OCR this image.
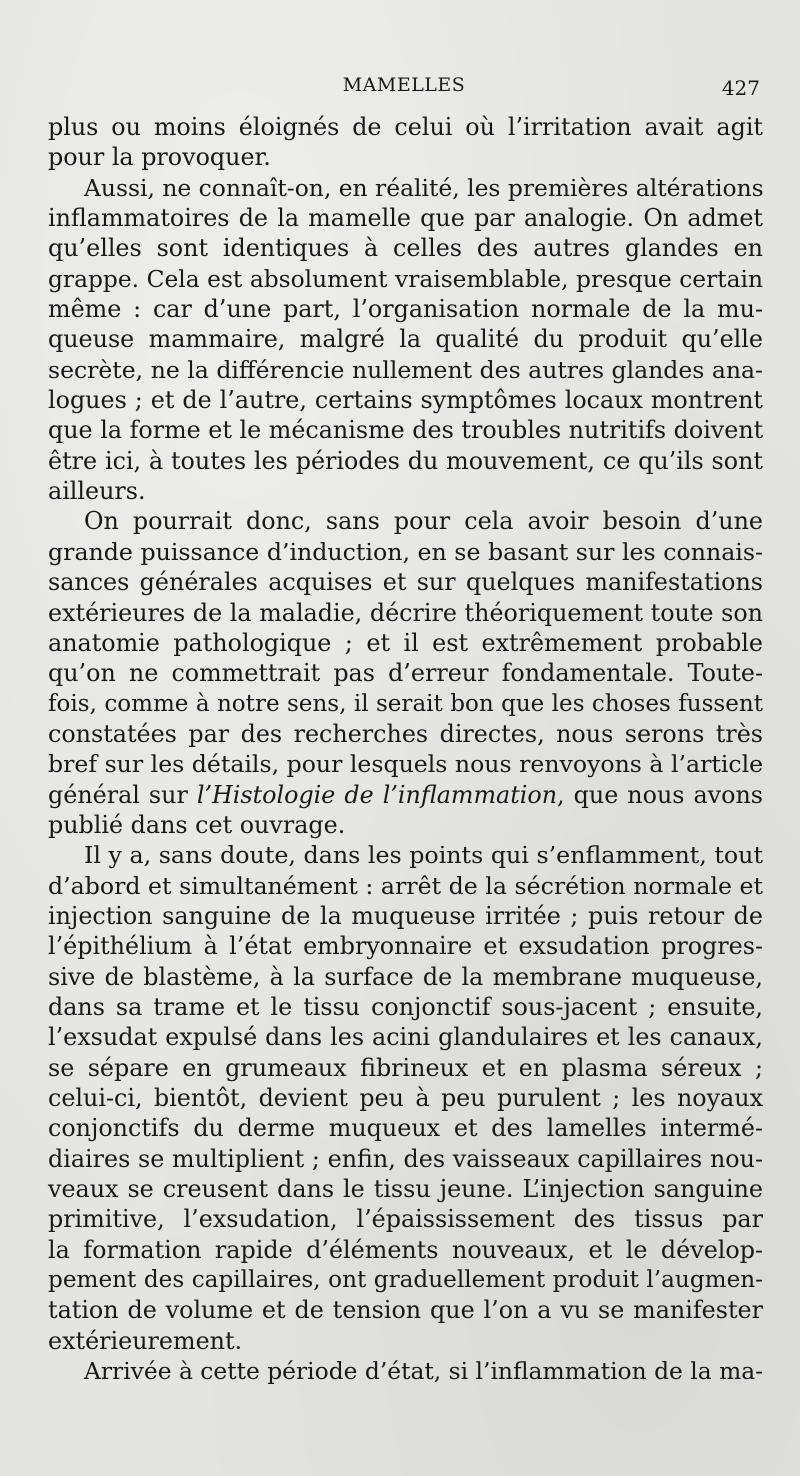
MAMELLES	427

plus ou moins éloignés de celui où l’irritation avait agit
pour la provoquer.

Aussi, ne connaît-on, en réalité, les premières altérations
inflammatoires de la mamelle que par analogie. On admet
qu’elles sont identiques à celles des autres glandes en
grappe. Cela est absolument vraisemblable, presque certain
même : car d’une part, l’organisation normale de la mu-
queuse mammaire, malgré la qualité du produit qu’elle
secrète, ne la différencie nullement des autres glandes ana-
logues ; et de l’autre, certains symptômes locaux montrent
que la forme et le mécanisme des troubles nutritifs doivent
être ici, à toutes les périodes du mouvement, ce qu’ils sont
ailleurs.

On pourrait donc, sans pour cela avoir besoin d’une
grande puissance d’induction, en se basant sur les connais-
sances générales acquises et sur quelques manifestations
extérieures de la maladie, décrire théoriquement toute son
anatomie pathologique ; et il est extrêmement probable
qu’on ne commettrait pas d’erreur fondamentale. Toute-
fois, comme à notre sens, il serait bon que les choses fussent
constatées par des recherches directes, nous serons très
bref sur les détails, pour lesquels nous renvoyons à l’article
général sur l’Histologie de l’inflammation, que nous avons
publié dans cet ouvrage.

Il y a, sans doute, dans les points qui s’enflamment, tout
d’abord et simultanément : arrêt de la sécrétion normale et
injection sanguine de la muqueuse irritée ; puis retour de
l’épithélium à l’état embryonnaire et exsudation progres-
sive de blastème, à la surface de la membrane muqueuse,
dans sa trame et le tissu conjonctif sous-jacent ; ensuite,
l’exsudat expulsé dans les acini glandulaires et les canaux,
se sépare en grumeaux fibrineux et en plasma séreux ;
celui-ci, bientôt, devient peu à peu purulent ; les noyaux
conjonctifs du derme muqueux et des lamelles intermé-
diaires se multiplient ; enfin, des vaisseaux capillaires nou-
veaux se creusent dans le tissu jeune. L’injection sanguine
primitive, l’exsudation, l’épaississement des tissus par
la formation rapide d’éléments nouveaux, et le dévelop-
pement des capillaires, ont graduellement produit l’augmen-
tation de volume et de tension que l’on a vu se manifester
extérieurement.

Arrivée à cette période d’état, si l’inflammation de la ma-
